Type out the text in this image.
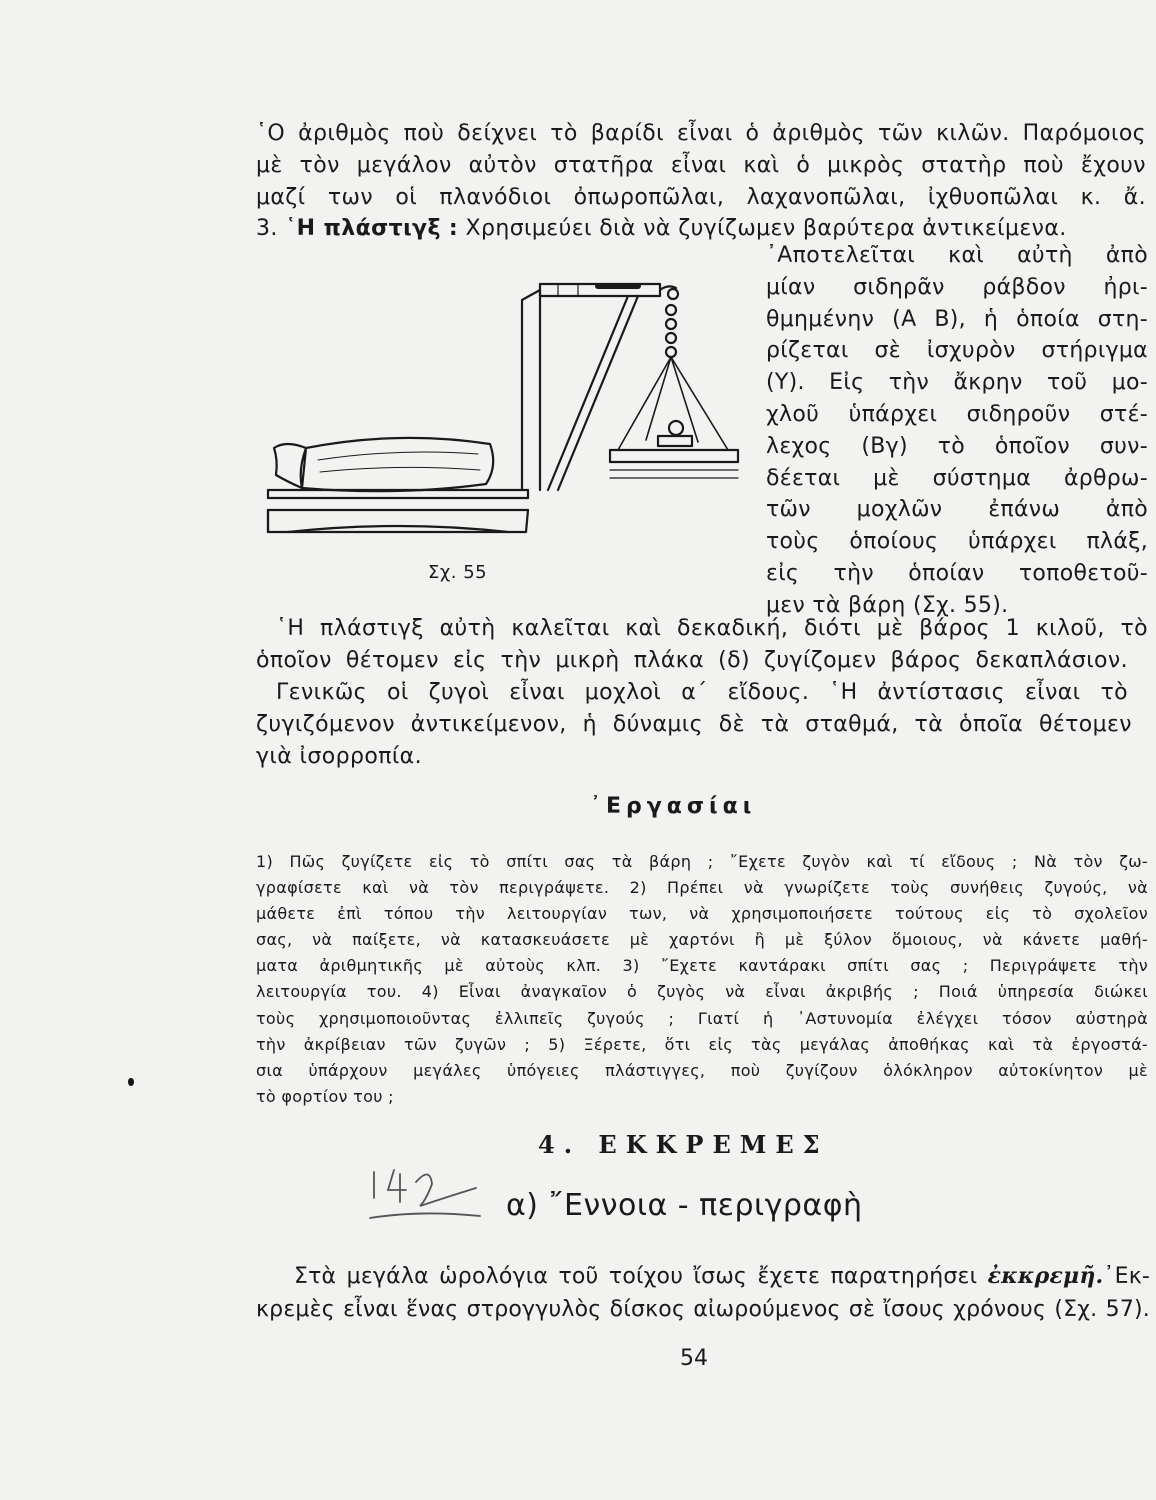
῾Ο ἀριθμὸς ποὺ δείχνει τὸ βαρίδι εἶναι ὁ ἀριθμὸς τῶν κιλῶν. Παρόμοιος
μὲ τὸν μεγάλον αὐτὸν στατῆρα εἶναι καὶ ὁ μικρὸς στατὴρ ποὺ ἔχουν
μαζί των οἱ πλανόδιοι ὀπωροπῶλαι, λαχανοπῶλαι, ἰχθυοπῶλαι κ. ἄ.
3. ῾Η πλάστιγξ : Χρησιμεύει διὰ νὰ ζυγίζωμεν βαρύτερα ἀντικείμενα.
᾿Αποτελεῖται καὶ αὐτὴ ἀπὸ
μίαν σιδηρᾶν ράβδον ἠρι-
θμημένην (Α Β), ἡ ὁποία στη-
ρίζεται σὲ ἰσχυρὸν στήριγμα
(Υ). Εἰς τὴν ἄκρην τοῦ μο-
χλοῦ ὑπάρχει σιδηροῦν στέ-
λεχος (Βγ) τὸ ὁποῖον συν-
δέεται μὲ σύστημα ἀρθρω-
τῶν μοχλῶν ἐπάνω ἀπὸ
τοὺς ὁποίους ὑπάρχει πλάξ,
εἰς τὴν ὁποίαν τοποθετοῦ-
μεν τὰ βάρη (Σχ. 55).
Σχ. 55
῾Η πλάστιγξ αὐτὴ καλεῖται καὶ δεκαδική, διότι μὲ βάρος 1 κιλοῦ, τὸ
ὁποῖον θέτομεν εἰς τὴν μικρὴ πλάκα (δ) ζυγίζομεν βάρος δεκαπλάσιον.
Γενικῶς οἱ ζυγοὶ εἶναι μοχλοὶ α΄ εἴδους. ῾Η ἀντίστασις εἶναι τὸ
ζυγιζόμενον ἀντικείμενον, ἡ δύναμις δὲ τὰ σταθμά, τὰ ὁποῖα θέτομεν
γιὰ ἰσορροπία.
᾿Εργασίαι
1) Πῶς ζυγίζετε εἰς τὸ σπίτι σας τὰ βάρη ; ῎Εχετε ζυγὸν καὶ τί εἴδους ; Νὰ τὸν ζω-
γραφίσετε καὶ νὰ τὸν περιγράψετε. 2) Πρέπει νὰ γνωρίζετε τοὺς συνήθεις ζυγούς, νὰ
μάθετε ἐπὶ τόπου τὴν λειτουργίαν των, νὰ χρησιμοποιήσετε τούτους εἰς τὸ σχολεῖον
σας, νὰ παίξετε, νὰ κατασκευάσετε μὲ χαρτόνι ἢ μὲ ξύλον ὅμοιους, νὰ κάνετε μαθή-
ματα ἀριθμητικῆς μὲ αὐτοὺς κλπ. 3) ῎Εχετε καντάρακι σπίτι σας ; Περιγράψετε τὴν
λειτουργία του. 4) Εἶναι ἀναγκαῖον ὁ ζυγὸς νὰ εἶναι ἀκριβής ; Ποιά ὑπηρεσία διώκει
τοὺς χρησιμοποιοῦντας ἐλλιπεῖς ζυγούς ; Γιατί ἡ ᾿Αστυνομία ἐλέγχει τόσον αὐστηρὰ
τὴν ἀκρίβειαν τῶν ζυγῶν ; 5) Ξέρετε, ὅτι εἰς τὰς μεγάλας ἀποθήκας καὶ τὰ ἐργοστά-
σια ὑπάρχουν μεγάλες ὑπόγειες πλάστιγγες, ποὺ ζυγίζουν ὁλόκληρον αὐτοκίνητον μὲ
τὸ φορτίον του ;
4. ΕΚΚΡΕΜΕΣ
α) ῎Εννοια - περιγραφὴ
Στὰ μεγάλα ὡρολόγια τοῦ τοίχου ἴσως ἔχετε παρατηρήσει ἐκκρεμῆ.᾿Εκ-
κρεμὲς εἶναι ἕνας στρογγυλὸς δίσκος αἰωρούμενος σὲ ἴσους χρόνους (Σχ. 57).
54
